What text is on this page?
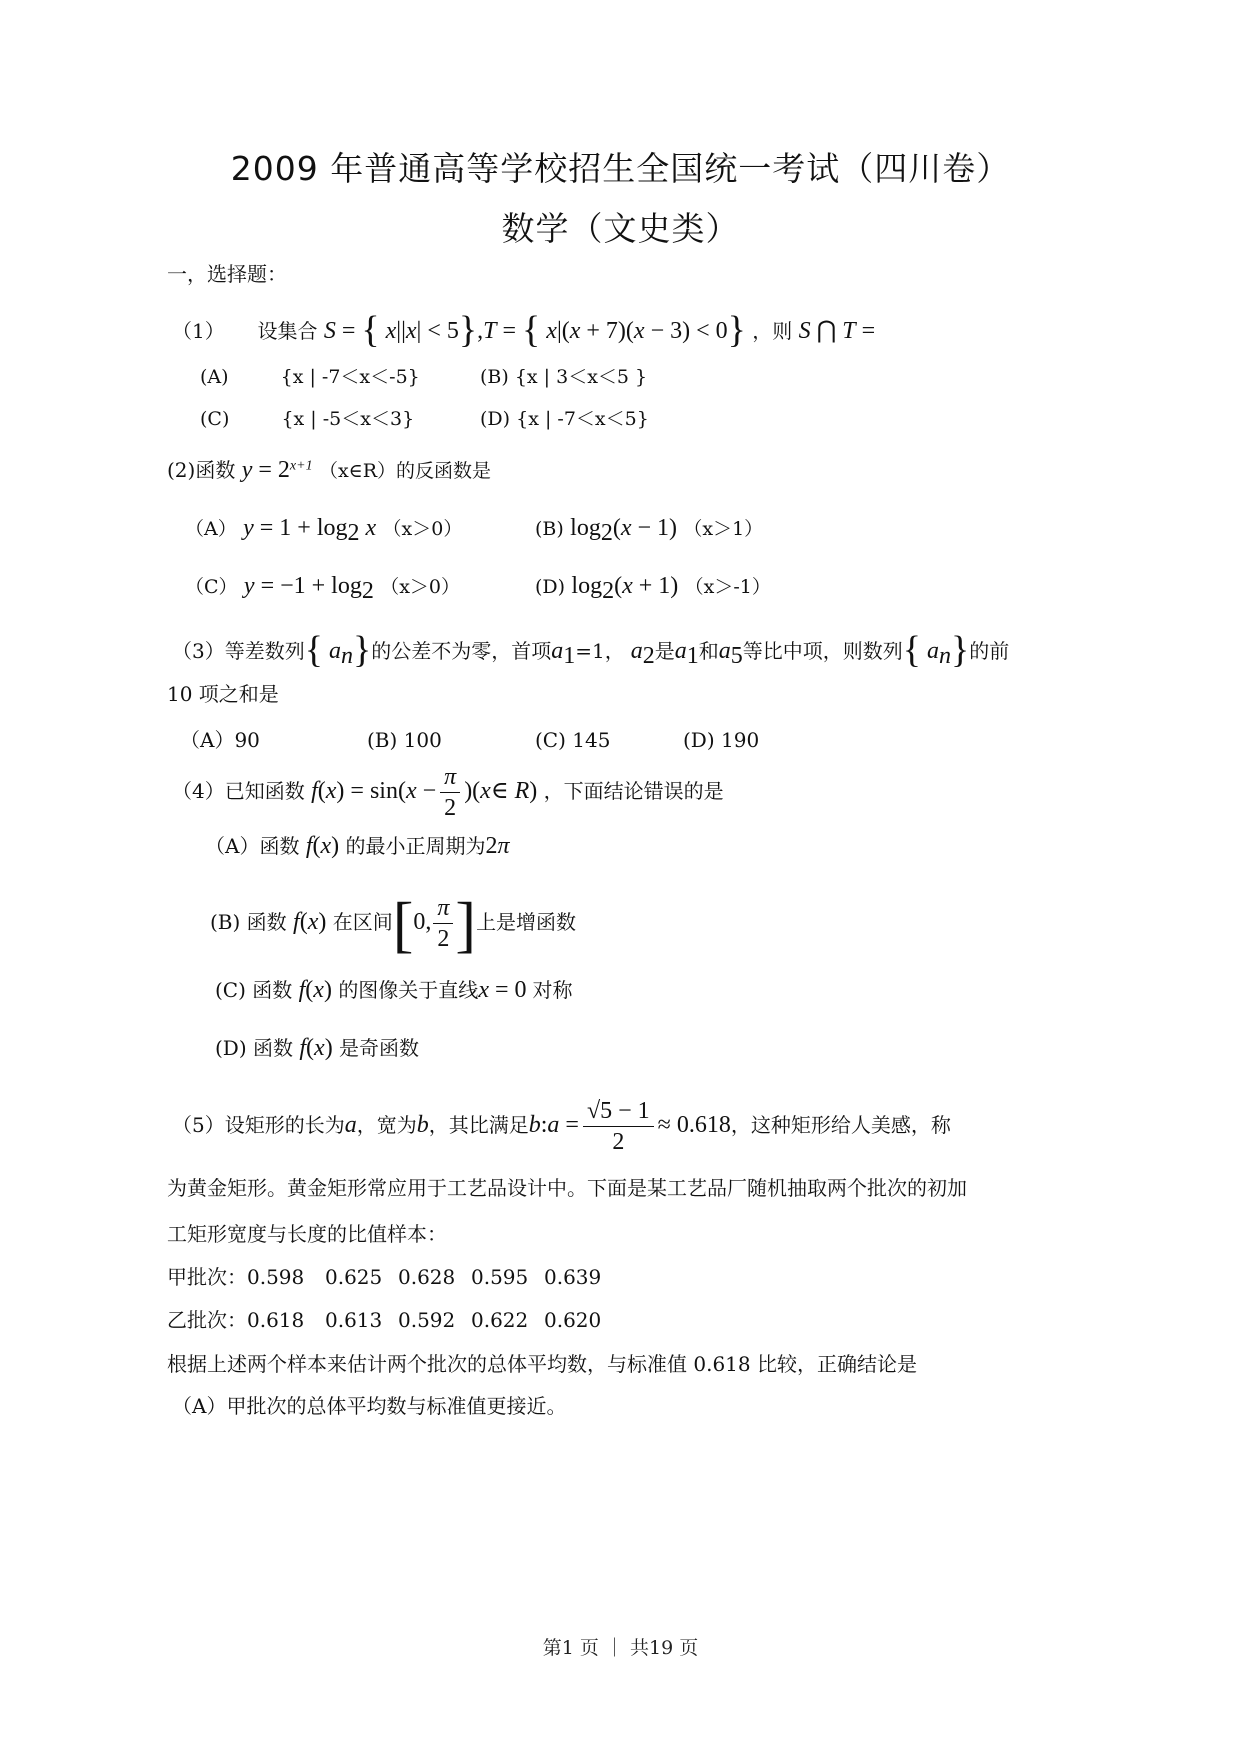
2009 年普通高等学校招生全国统一考试（四川卷）
数学（文史类）
一，选择题：
（1） 设集合 S = { x||x| < 5},T = { x|(x + 7)(x − 3) < 0} ，则 S ⋂ T =
(A)	{x | -7＜x＜-5}	(B) {x | 3＜x＜5 }
(C)	{x | -5＜x＜3}	(D) {x | -7＜x＜5}
(2)函数 $y = 2^{x+1}$ （x∈R）的反函数是
（A） $y = 1 + \log_2 x$ （x＞0）	(B) $\log_2(x - 1)$ （x＞1）
（C） $y = -1 + \log_2 (x>0)$	(D) $\log_2(x + 1)$ （x＞-1）
（3）等差数列{ $a_n$}的公差不为零，首项$a_1=1$， $a_2$是$a_1$和$a_5$等比中项，则数列{ $a_n$}的前
10 项之和是
（A）90	(B) 100	(C) 145	(D) 190
（4）已知函数 $f(x) = \sin(x - \frac{\pi}{2}$ )(x∈ R) ，下面结论错误的是
（A）函数 f(x) 的最小正周期为2π
(B) 函数 f(x) 在区间[0, $\frac{\pi}{2}$ ]上是增函数
(C) 函数 f(x) 的图像关于直线x = 0 对称
(D) 函数 f(x) 是奇函数
（5）设矩形的长为a，宽为b，其比满足b:a = $\frac{√5 - 1}{2} \approx 0.618$，这种矩形给人美感，称
为黄金矩形。黄金矩形常应用于工艺品设计中。下面是某工艺品厂随机抽取两个批次的初加
工矩形宽度与长度的比值样本：
甲批次：0.598 0.625 0.628 0.595 0.639
乙批次：0.618 0.613 0.592 0.622 0.620
根据上述两个样本来估计两个批次的总体平均数，与标准值 0.618 比较，正确结论是
（A）甲批次的总体平均数与标准值更接近。
第1 页 ｜ 共19 页
